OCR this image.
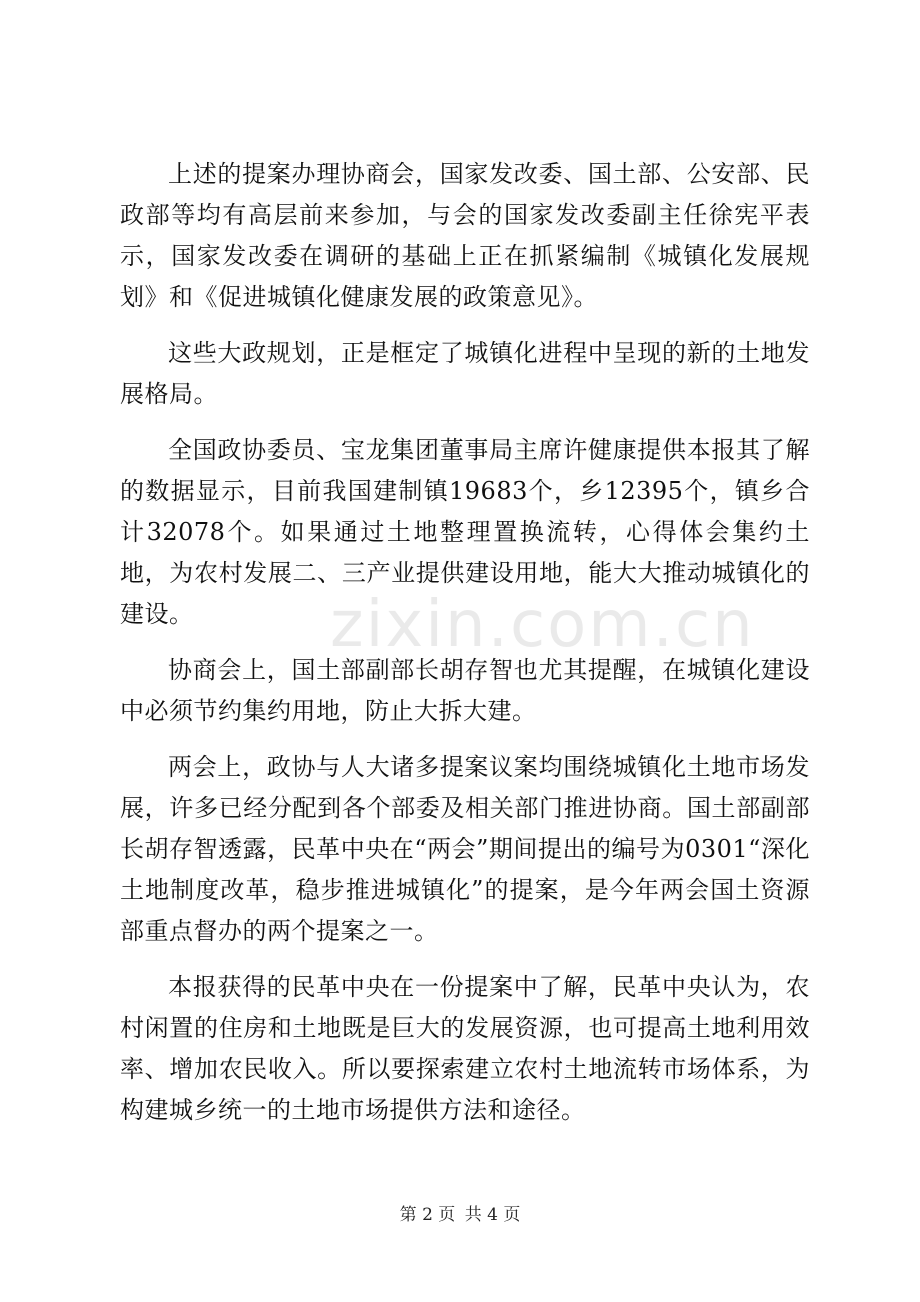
zixin.com.cn

上述的提案办理协商会，国家发改委、国土部、公安部、民政部等均有高层前来参加，与会的国家发改委副主任徐宪平表示，国家发改委在调研的基础上正在抓紧编制《城镇化发展规划》和《促进城镇化健康发展的政策意见》。

这些大政规划，正是框定了城镇化进程中呈现的新的土地发展格局。

全国政协委员、宝龙集团董事局主席许健康提供本报其了解的数据显示，目前我国建制镇19683个，乡12395个，镇乡合计32078个。如果通过土地整理置换流转，心得体会集约土地，为农村发展二、三产业提供建设用地，能大大推动城镇化的建设。

协商会上，国土部副部长胡存智也尤其提醒，在城镇化建设中必须节约集约用地，防止大拆大建。

两会上，政协与人大诸多提案议案均围绕城镇化土地市场发展，许多已经分配到各个部委及相关部门推进协商。国土部副部长胡存智透露，民革中央在“两会”期间提出的编号为0301“深化土地制度改革，稳步推进城镇化”的提案，是今年两会国土资源部重点督办的两个提案之一。

本报获得的民革中央在一份提案中了解，民革中央认为，农村闲置的住房和土地既是巨大的发展资源，也可提高土地利用效率、增加农民收入。所以要探索建立农村土地流转市场体系，为构建城乡统一的土地市场提供方法和途径。

第 2 页 共 4 页
